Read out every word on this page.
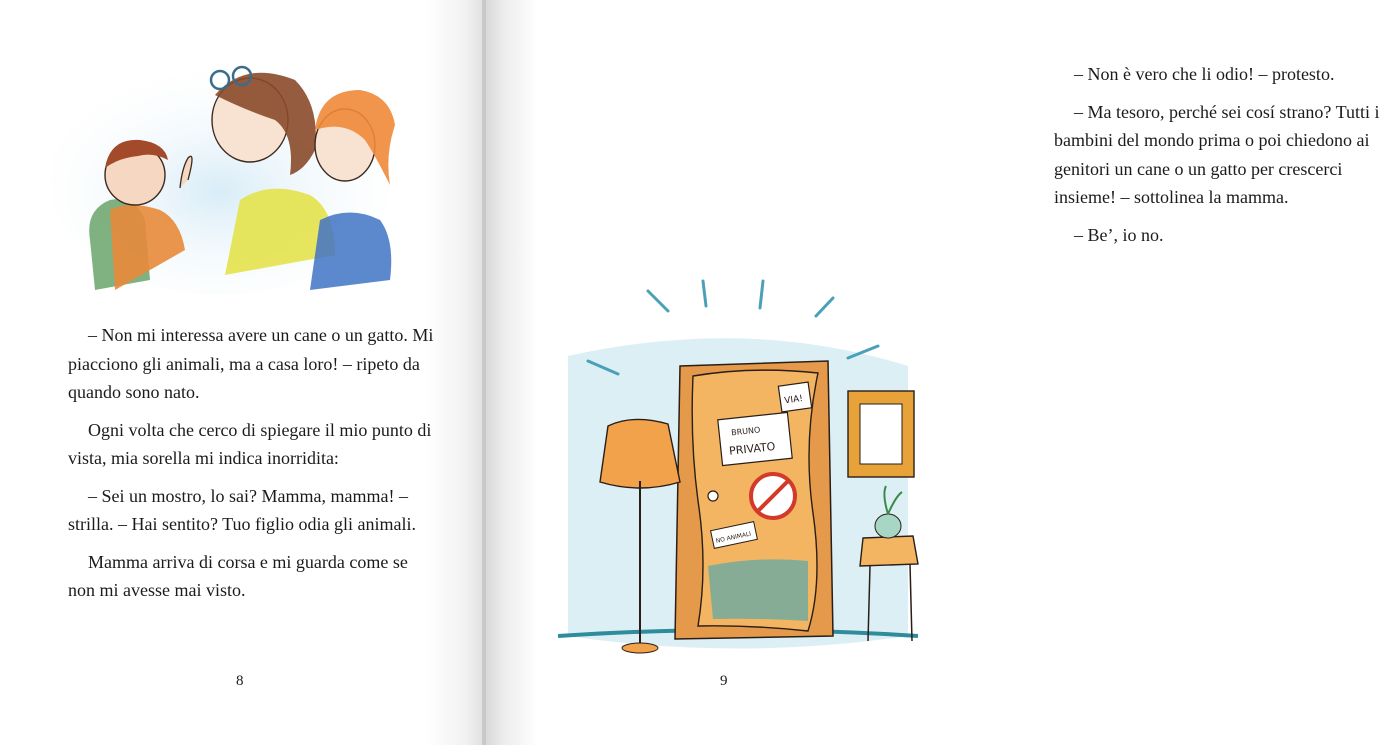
– Non mi interessa avere un cane o un gatto. Mi piacciono gli animali, ma a casa loro! – ripeto da quando sono nato.

Ogni volta che cerco di spiegare il mio punto di vista, mia sorella mi indica inorridita:

– Sei un mostro, lo sai? Mamma, mamma! – strilla. – Hai sentito? Tuo figlio odia gli animali.

Mamma arriva di corsa e mi guarda come se non mi avesse mai visto.

8

– Non è vero che li odio! – protesto.

– Ma tesoro, perché sei cosí strano? Tutti i bambini del mondo prima o poi chiedono ai genitori un cane o un gatto per crescerci insieme! – sottolinea la mamma.

– Be’, io no.

VIA!
BRUNO
PRIVATO
NO ANIMALI
9
